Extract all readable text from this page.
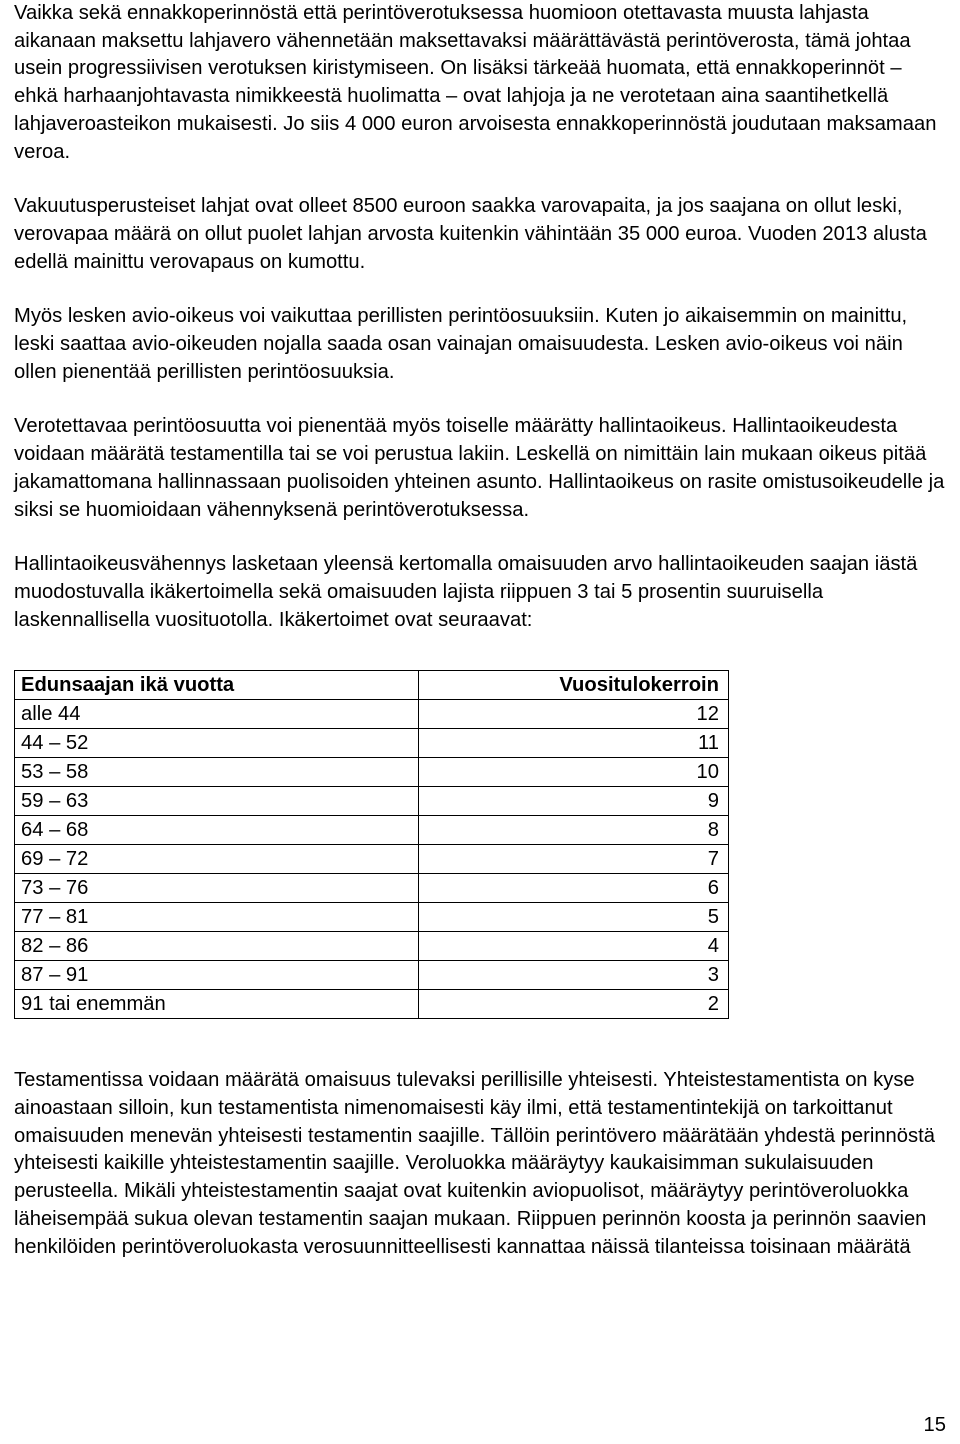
Vaikka sekä ennakkoperinnöstä että perintöverotuksessa huomioon otettavasta muusta lahjasta aikanaan maksettu lahjavero vähennetään maksettavaksi määrättävästä perintöverosta, tämä johtaa usein progressiivisen verotuksen kiristymiseen. On lisäksi tärkeää huomata, että ennakkoperinnöt – ehkä harhaanjohtavasta nimikkeestä huolimatta – ovat lahjoja ja ne verotetaan aina saantihetkellä lahjaveroasteikon mukaisesti. Jo siis 4 000 euron arvoisesta ennakkoperinnöstä joudutaan maksamaan veroa.

Vakuutusperusteiset lahjat ovat olleet 8500 euroon saakka varovapaita, ja jos saajana on ollut leski, verovapaa määrä on ollut puolet lahjan arvosta kuitenkin vähintään 35 000 euroa. Vuoden 2013 alusta edellä mainittu verovapaus on kumottu.

Myös lesken avio-oikeus voi vaikuttaa perillisten perintöosuuksiin. Kuten jo aikaisemmin on mainittu, leski saattaa avio-oikeuden nojalla saada osan vainajan omaisuudesta. Lesken avio-oikeus voi näin ollen pienentää perillisten perintöosuuksia.

Verotettavaa perintöosuutta voi pienentää myös toiselle määrätty hallintaoikeus. Hallintaoikeudesta voidaan määrätä testamentilla tai se voi perustua lakiin. Leskellä on nimittäin lain mukaan oikeus pitää jakamattomana hallinnassaan puolisoiden yhteinen asunto. Hallintaoikeus on rasite omistusoikeudelle ja siksi se huomioidaan vähennyksenä perintöverotuksessa.

Hallintaoikeusvähennys lasketaan yleensä kertomalla omaisuuden arvo hallintaoikeuden saajan iästä muodostuvalla ikäkertoimella sekä omaisuuden lajista riippuen 3 tai 5 prosentin suuruisella laskennallisella vuosituotolla. Ikäkertoimet ovat seuraavat:

Edunsaajan ikä vuotta	Vuositulokerroin
alle 44	12
44 – 52	11
53 – 58	10
59 – 63	9
64 – 68	8
69 – 72	7
73 – 76	6
77 – 81	5
82 – 86	4
87 – 91	3
91 tai enemmän	2

Testamentissa voidaan määrätä omaisuus tulevaksi perillisille yhteisesti. Yhteistestamentista on kyse ainoastaan silloin, kun testamentista nimenomaisesti käy ilmi, että testamentintekijä on tarkoittanut omaisuuden menevän yhteisesti testamentin saajille. Tällöin perintövero määrätään yhdestä perinnöstä yhteisesti kaikille yhteistestamentin saajille. Veroluokka määräytyy kaukaisimman sukulaisuuden perusteella. Mikäli yhteistestamentin saajat ovat kuitenkin aviopuolisot, määräytyy perintöveroluokka läheisempää sukua olevan testamentin saajan mukaan. Riippuen perinnön koosta ja perinnön saavien henkilöiden perintöveroluokasta verosuunnitteellisesti kannattaa näissä tilanteissa toisinaan määrätä

15
